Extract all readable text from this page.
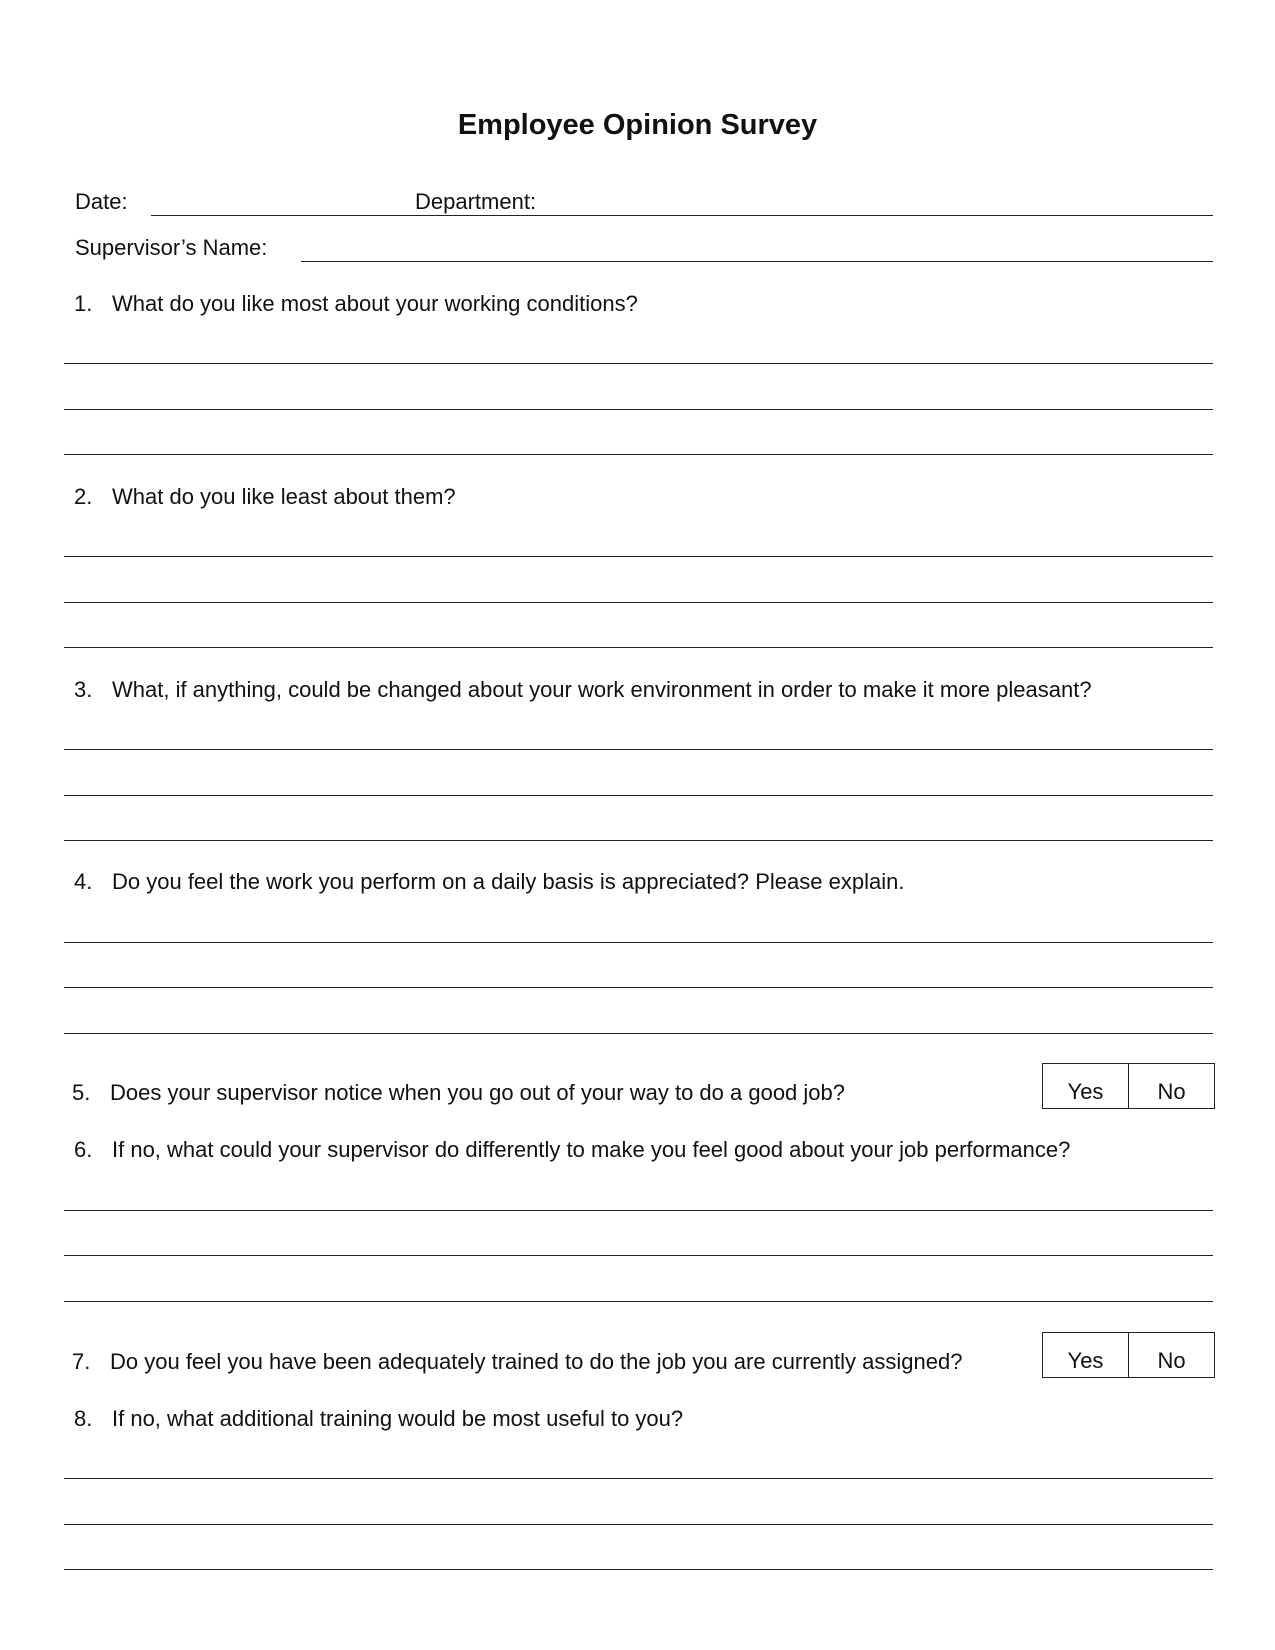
Employee Opinion Survey
Date:	Department:
Supervisor’s Name:
1. What do you like most about your working conditions?
2. What do you like least about them?
3. What, if anything, could be changed about your work environment in order to make it more pleasant?
4. Do you feel the work you perform on a daily basis is appreciated? Please explain.
5. Does your supervisor notice when you go out of your way to do a good job?	Yes	No
6. If no, what could your supervisor do differently to make you feel good about your job performance?
7. Do you feel you have been adequately trained to do the job you are currently assigned?	Yes	No
8. If no, what additional training would be most useful to you?
